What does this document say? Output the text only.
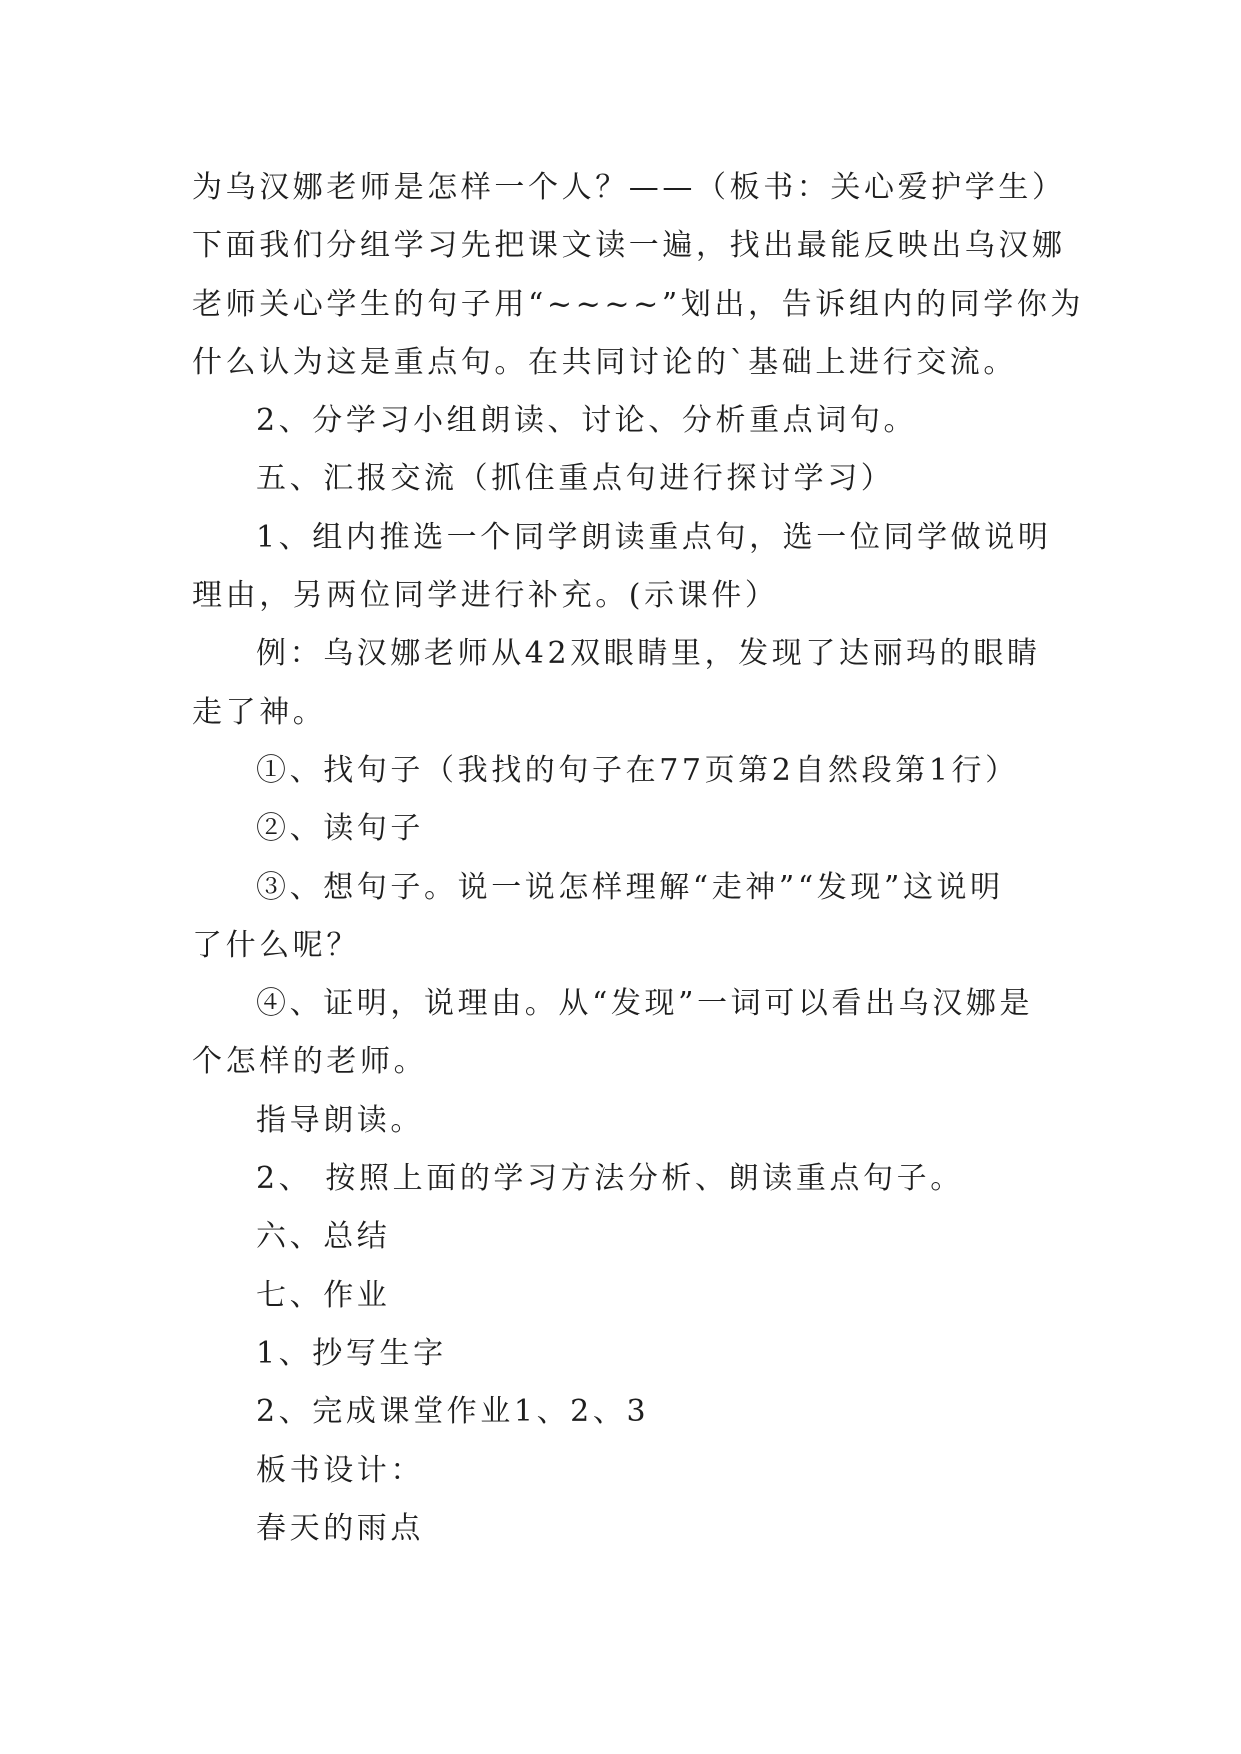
为乌汉娜老师是怎样一个人？——（板书：关心爱护学生）
下面我们分组学习先把课文读一遍，找出最能反映出乌汉娜
老师关心学生的句子用“~~~~”划出，告诉组内的同学你为
什么认为这是重点句。在共同讨论的`基础上进行交流。
2、分学习小组朗读、讨论、分析重点词句。
五、汇报交流（抓住重点句进行探讨学习）
1、组内推选一个同学朗读重点句，选一位同学做说明
理由，另两位同学进行补充。(示课件）
例：乌汉娜老师从42双眼睛里，发现了达丽玛的眼睛
走了神。
①、找句子（我找的句子在77页第2自然段第1行）
②、读句子
③、想句子。说一说怎样理解“走神”“发现”这说明
了什么呢？
④、证明，说理由。从“发现”一词可以看出乌汉娜是
个怎样的老师。
指导朗读。
2、 按照上面的学习方法分析、朗读重点句子。
六、总结
七、作业
1、抄写生字
2、完成课堂作业1、2、3
板书设计：
春天的雨点
